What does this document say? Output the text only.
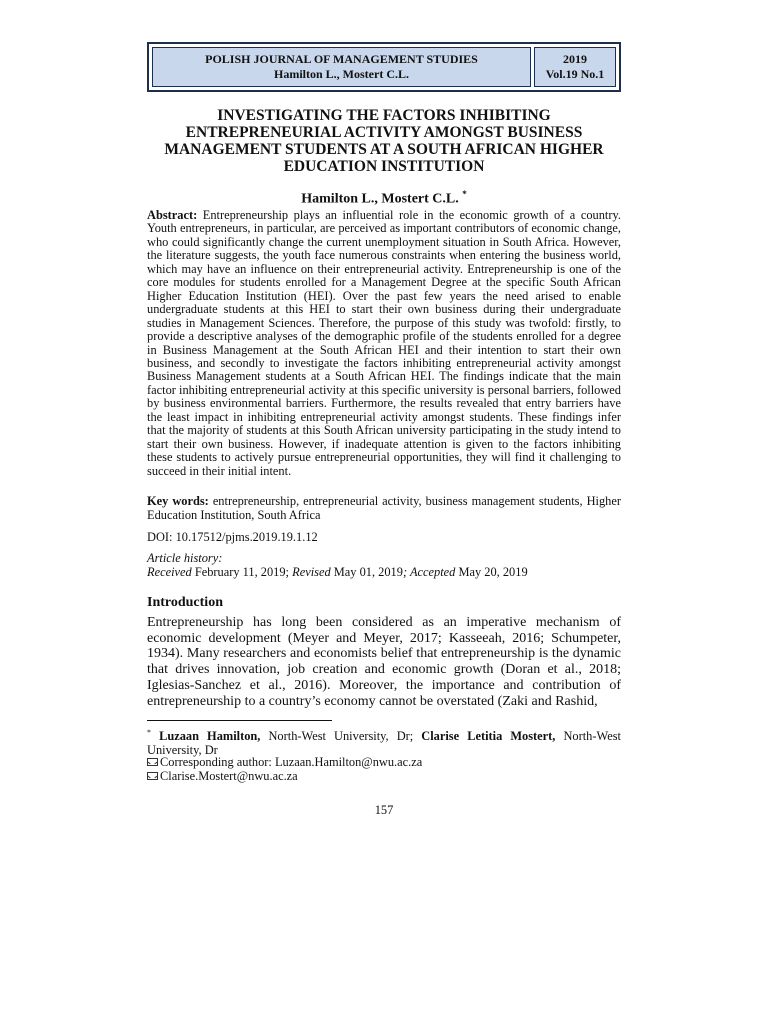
POLISH JOURNAL OF MANAGEMENT STUDIES
Hamilton L., Mostert C.L.
2019
Vol.19 No.1
INVESTIGATING THE FACTORS INHIBITING
ENTREPRENEURIAL ACTIVITY AMONGST BUSINESS
MANAGEMENT STUDENTS AT A SOUTH AFRICAN HIGHER
EDUCATION INSTITUTION
Hamilton L., Mostert C.L. *

Abstract: Entrepreneurship plays an influential role in the economic growth of a country. Youth entrepreneurs, in particular, are perceived as important contributors of economic change, who could significantly change the current unemployment situation in South Africa. However, the literature suggests, the youth face numerous constraints when entering the business world, which may have an influence on their entrepreneurial activity. Entrepreneurship is one of the core modules for students enrolled for a Management Degree at the specific South African Higher Education Institution (HEI). Over the past few years the need arised to enable undergraduate students at this HEI to start their own business during their undergraduate studies in Management Sciences. Therefore, the purpose of this study was twofold: firstly, to provide a descriptive analyses of the demographic profile of the students enrolled for a degree in Business Management at the South African HEI and their intention to start their own business, and secondly to investigate the factors inhibiting entrepreneurial activity amongst Business Management students at a South African HEI. The findings indicate that the main factor inhibiting entrepreneurial activity at this specific university is personal barriers, followed by business environmental barriers. Furthermore, the results revealed that entry barriers have the least impact in inhibiting entrepreneurial activity amongst students. These findings infer that the majority of students at this South African university participating in the study intend to start their own business. However, if inadequate attention is given to the factors inhibiting these students to actively pursue entrepreneurial opportunities, they will find it challenging to succeed in their initial intent.

Key words: entrepreneurship, entrepreneurial activity, business management students, Higher Education Institution, South Africa

DOI: 10.17512/pjms.2019.19.1.12

Article history:
Received February 11, 2019; Revised May 01, 2019; Accepted May 20, 2019

Introduction

Entrepreneurship has long been considered as an imperative mechanism of economic development (Meyer and Meyer, 2017; Kasseeah, 2016; Schumpeter, 1934). Many researchers and economists belief that entrepreneurship is the dynamic that drives innovation, job creation and economic growth (Doran et al., 2018; Iglesias-Sanchez et al., 2016). Moreover, the importance and contribution of entrepreneurship to a country’s economy cannot be overstated (Zaki and Rashid,

* Luzaan Hamilton, North-West University, Dr; Clarise Letitia Mostert, North-West University, Dr

Corresponding author: Luzaan.Hamilton@nwu.ac.za

Clarise.Mostert@nwu.ac.za

157
